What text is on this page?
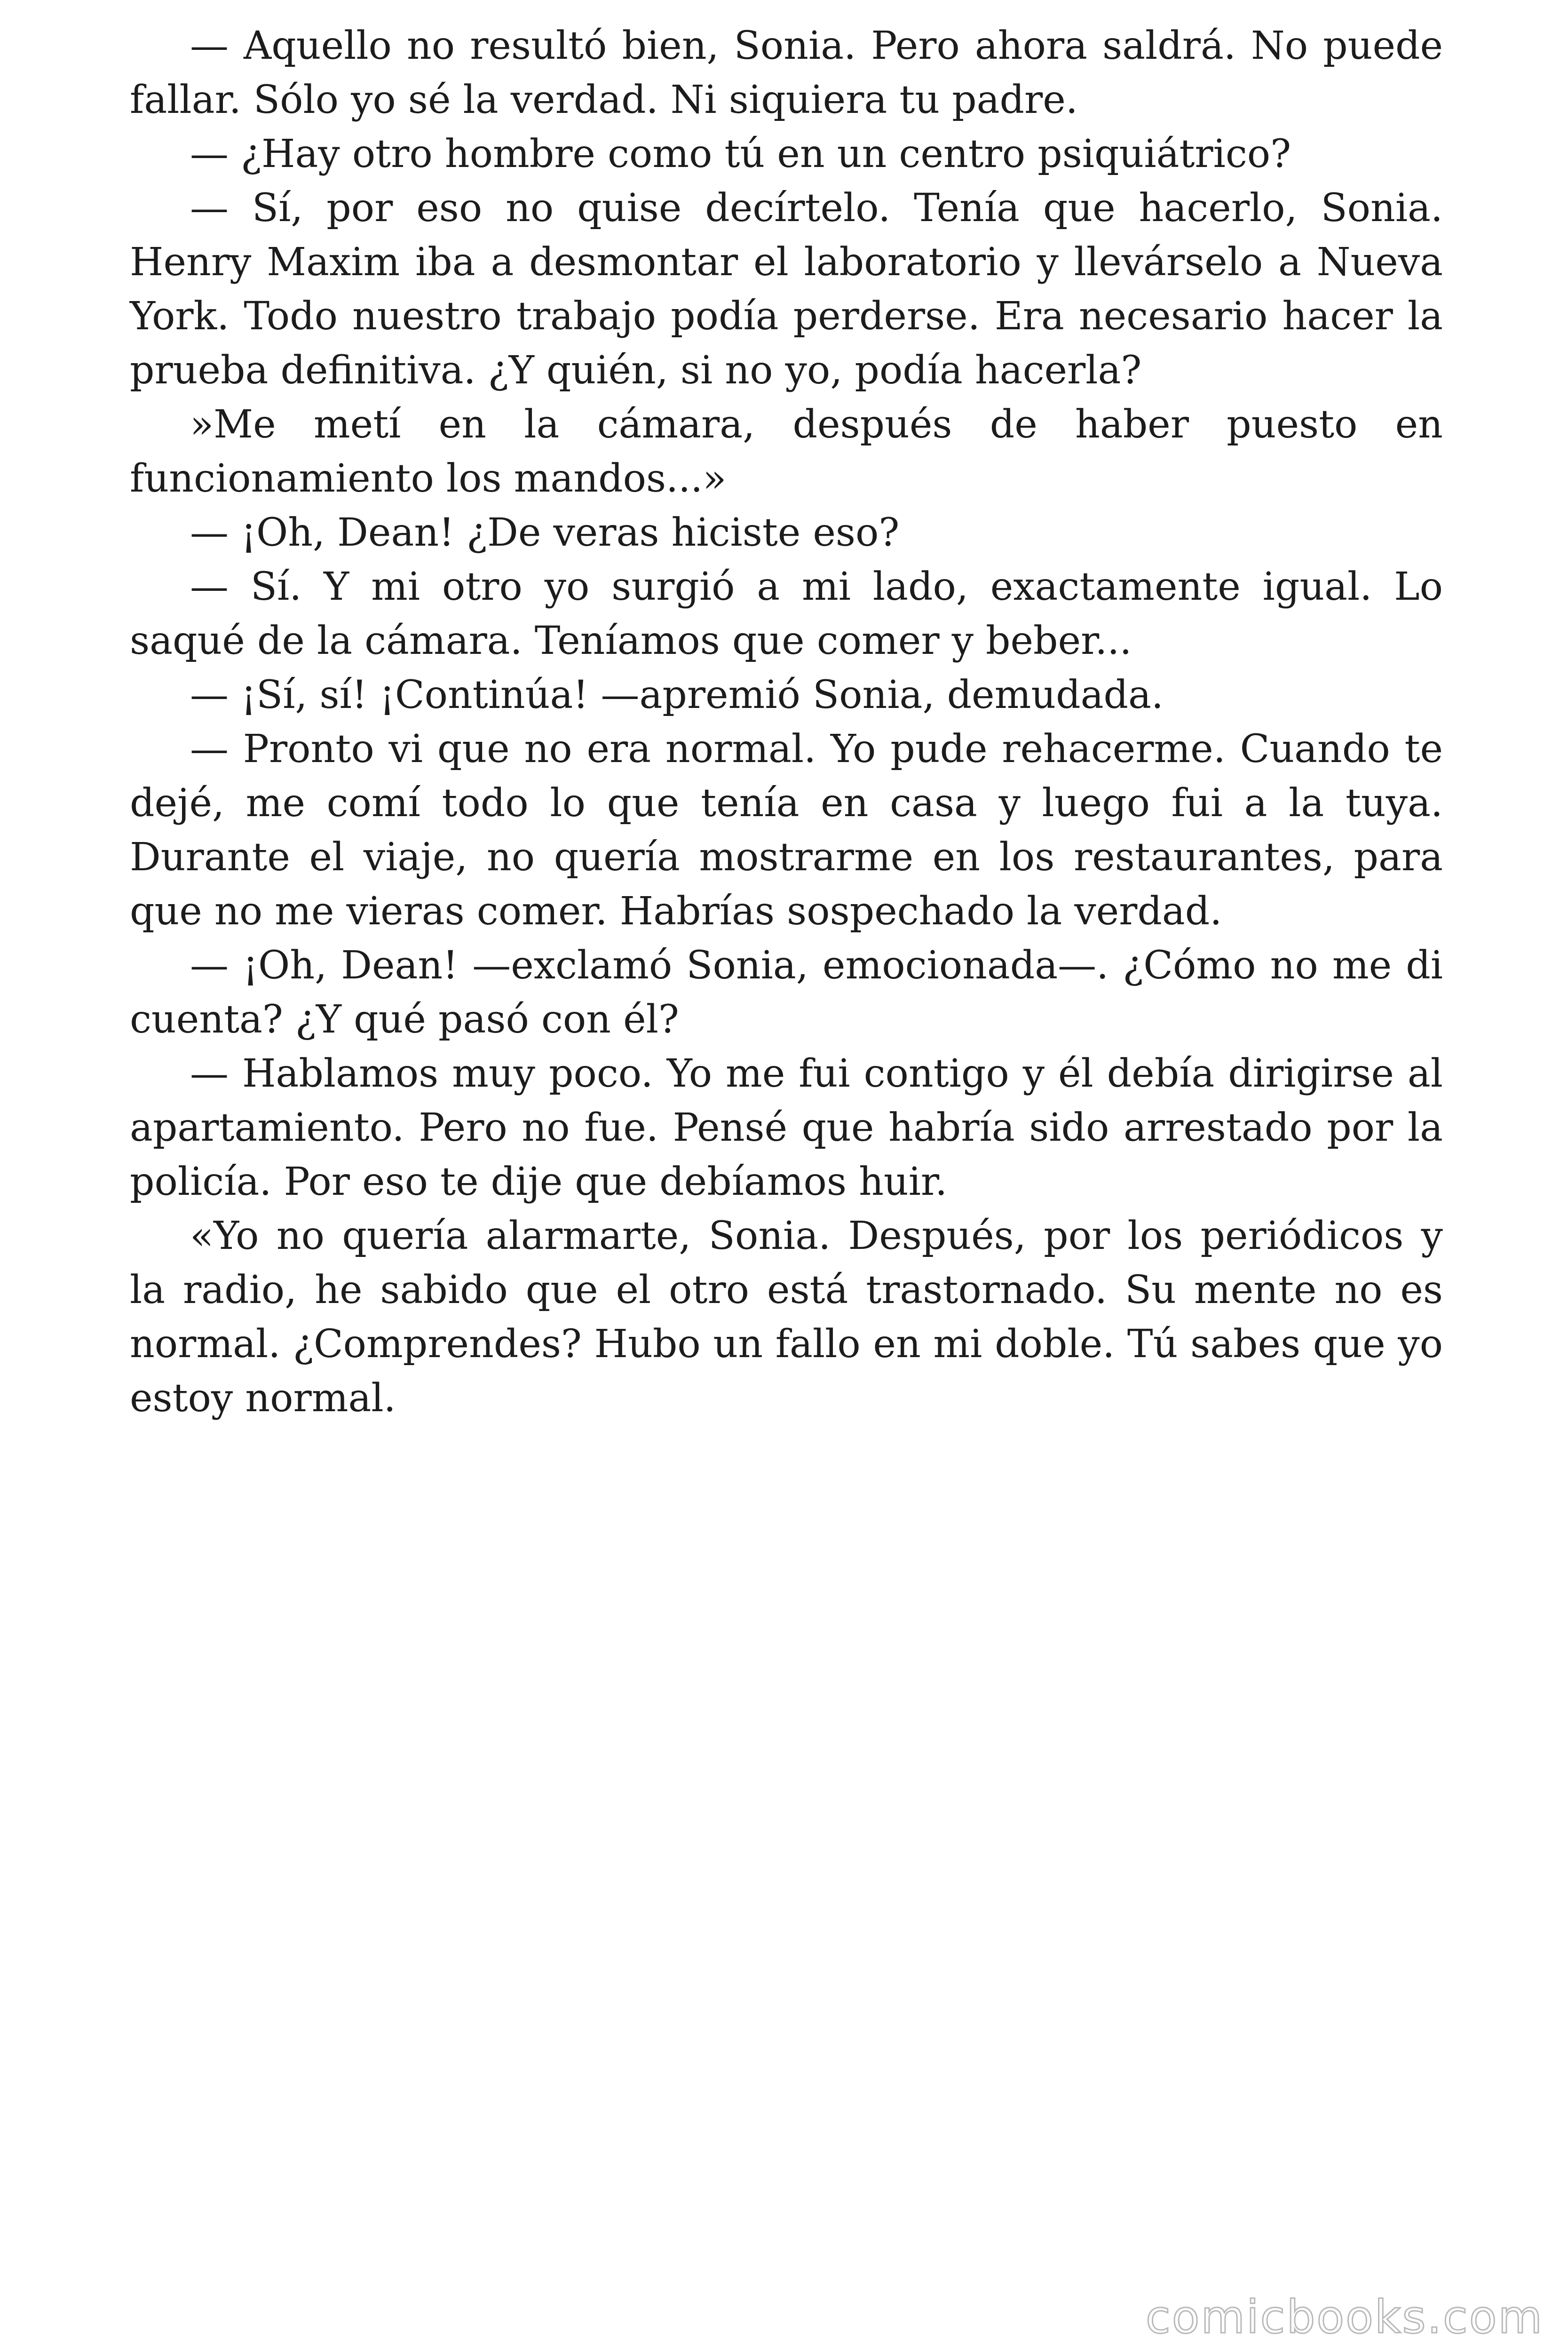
— Aquello no resultó bien, Sonia. Pero ahora saldrá. No puede fallar. Sólo yo sé la verdad. Ni siquiera tu padre.

— ¿Hay otro hombre como tú en un centro psiquiátrico?

— Sí, por eso no quise decírtelo. Tenía que hacerlo, Sonia. Henry Maxim iba a desmontar el laboratorio y llevárselo a Nueva York. Todo nuestro trabajo podía perderse. Era necesario hacer la prueba definitiva. ¿Y quién, si no yo, podía hacerla?

»Me metí en la cámara, después de haber puesto en funcionamiento los mandos...»

— ¡Oh, Dean! ¿De veras hiciste eso?

— Sí. Y mi otro yo surgió a mi lado, exactamente igual. Lo saqué de la cámara. Teníamos que comer y beber...

— ¡Sí, sí! ¡Continúa! —apremió Sonia, demudada.

— Pronto vi que no era normal. Yo pude rehacerme. Cuando te dejé, me comí todo lo que tenía en casa y luego fui a la tuya. Durante el viaje, no quería mostrarme en los restaurantes, para que no me vieras comer. Habrías sospechado la verdad.

— ¡Oh, Dean! —exclamó Sonia, emocionada—. ¿Cómo no me di cuenta? ¿Y qué pasó con él?

— Hablamos muy poco. Yo me fui contigo y él debía dirigirse al apartamiento. Pero no fue. Pensé que habría sido arrestado por la policía. Por eso te dije que debíamos huir.

«Yo no quería alarmarte, Sonia. Después, por los periódicos y la radio, he sabido que el otro está trastornado. Su mente no es normal. ¿Comprendes? Hubo un fallo en mi doble. Tú sabes que yo estoy normal.

comicbooks.com
